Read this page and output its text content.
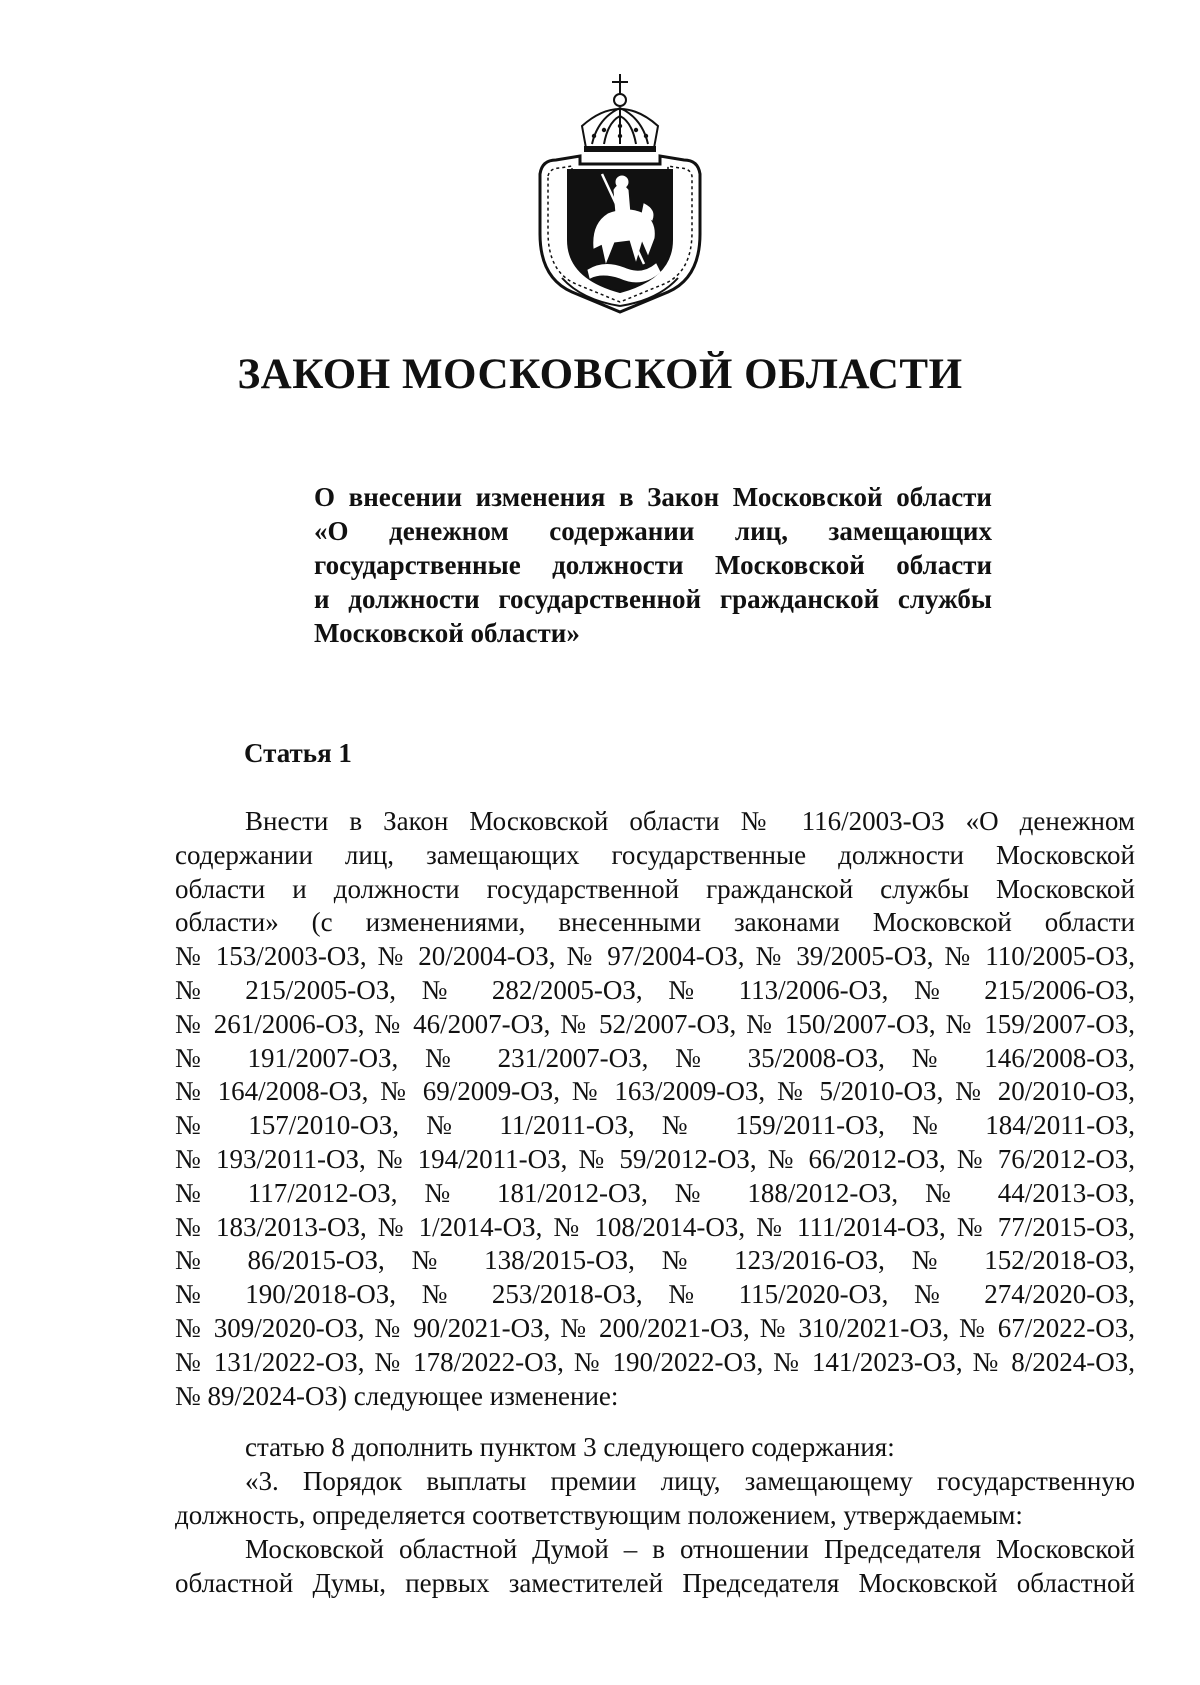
ЗАКОН МОСКОВСКОЙ ОБЛАСТИ
О внесении изменения в Закон Московской области
«О денежном содержании лиц, замещающих
государственные должности Московской области
и должности государственной гражданской службы
Московской области»
Статья 1
Внести в Закон Московской области № 116/2003-ОЗ «О денежном
содержании лиц, замещающих государственные должности Московской
области и должности государственной гражданской службы Московской
области» (с изменениями, внесенными законами Московской области
№ 153/2003-ОЗ, № 20/2004-ОЗ, № 97/2004-ОЗ, № 39/2005-ОЗ, № 110/2005-ОЗ,
№ 215/2005-ОЗ, № 282/2005-ОЗ, № 113/2006-ОЗ, № 215/2006-ОЗ,
№ 261/2006-ОЗ, № 46/2007-ОЗ, № 52/2007-ОЗ, № 150/2007-ОЗ, № 159/2007-ОЗ,
№ 191/2007-ОЗ, № 231/2007-ОЗ, № 35/2008-ОЗ, № 146/2008-ОЗ,
№ 164/2008-ОЗ, № 69/2009-ОЗ, № 163/2009-ОЗ, № 5/2010-ОЗ, № 20/2010-ОЗ,
№ 157/2010-ОЗ, № 11/2011-ОЗ, № 159/2011-ОЗ, № 184/2011-ОЗ,
№ 193/2011-ОЗ, № 194/2011-ОЗ, № 59/2012-ОЗ, № 66/2012-ОЗ, № 76/2012-ОЗ,
№ 117/2012-ОЗ, № 181/2012-ОЗ, № 188/2012-ОЗ, № 44/2013-ОЗ,
№ 183/2013-ОЗ, № 1/2014-ОЗ, № 108/2014-ОЗ, № 111/2014-ОЗ, № 77/2015-ОЗ,
№ 86/2015-ОЗ, № 138/2015-ОЗ, № 123/2016-ОЗ, № 152/2018-ОЗ,
№ 190/2018-ОЗ, № 253/2018-ОЗ, № 115/2020-ОЗ, № 274/2020-ОЗ,
№ 309/2020-ОЗ, № 90/2021-ОЗ, № 200/2021-ОЗ, № 310/2021-ОЗ, № 67/2022-ОЗ,
№ 131/2022-ОЗ, № 178/2022-ОЗ, № 190/2022-ОЗ, № 141/2023-ОЗ, № 8/2024-ОЗ,
№ 89/2024-ОЗ) следующее изменение:
статью 8 дополнить пунктом 3 следующего содержания:
«3. Порядок выплаты премии лицу, замещающему государственную
должность, определяется соответствующим положением, утверждаемым:
Московской областной Думой – в отношении Председателя Московской
областной Думы, первых заместителей Председателя Московской областной
